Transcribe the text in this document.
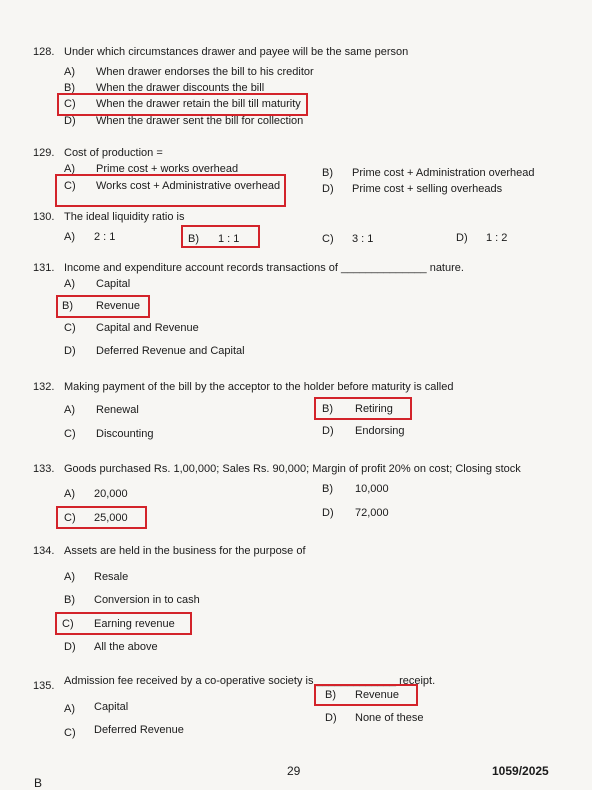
128. Under which circumstances drawer and payee will be the same person
A) When drawer endorses the bill to his creditor
B) When the drawer discounts the bill
C) When the drawer retain the bill till maturity
D) When the drawer sent the bill for collection
129. Cost of production =
A) Prime cost + works overhead	B) Prime cost + Administration overhead
C) Works cost + Administrative overhead	D) Prime cost + selling overheads
130. The ideal liquidity ratio is
A) 2 : 1	B) 1 : 1	C) 3 : 1	D) 1 : 2
131. Income and expenditure account records transactions of ______________ nature.
A) Capital
B) Revenue
C) Capital and Revenue
D) Deferred Revenue and Capital
132. Making payment of the bill by the acceptor to the holder before maturity is called
A) Renewal	B) Retiring
C) Discounting	D) Endorsing
133. Goods purchased Rs. 1,00,000; Sales Rs. 90,000; Margin of profit 20% on cost; Closing stock
A) 20,000	B) 10,000
C) 25,000	D) 72,000
134. Assets are held in the business for the purpose of
A) Resale
B) Conversion in to cash
C) Earning revenue
D) All the above
135. Admission fee received by a co-operative society is _____________ receipt.
A) Capital
B) Revenue
C) Deferred Revenue
D) None of these
29	1059/2025
B
